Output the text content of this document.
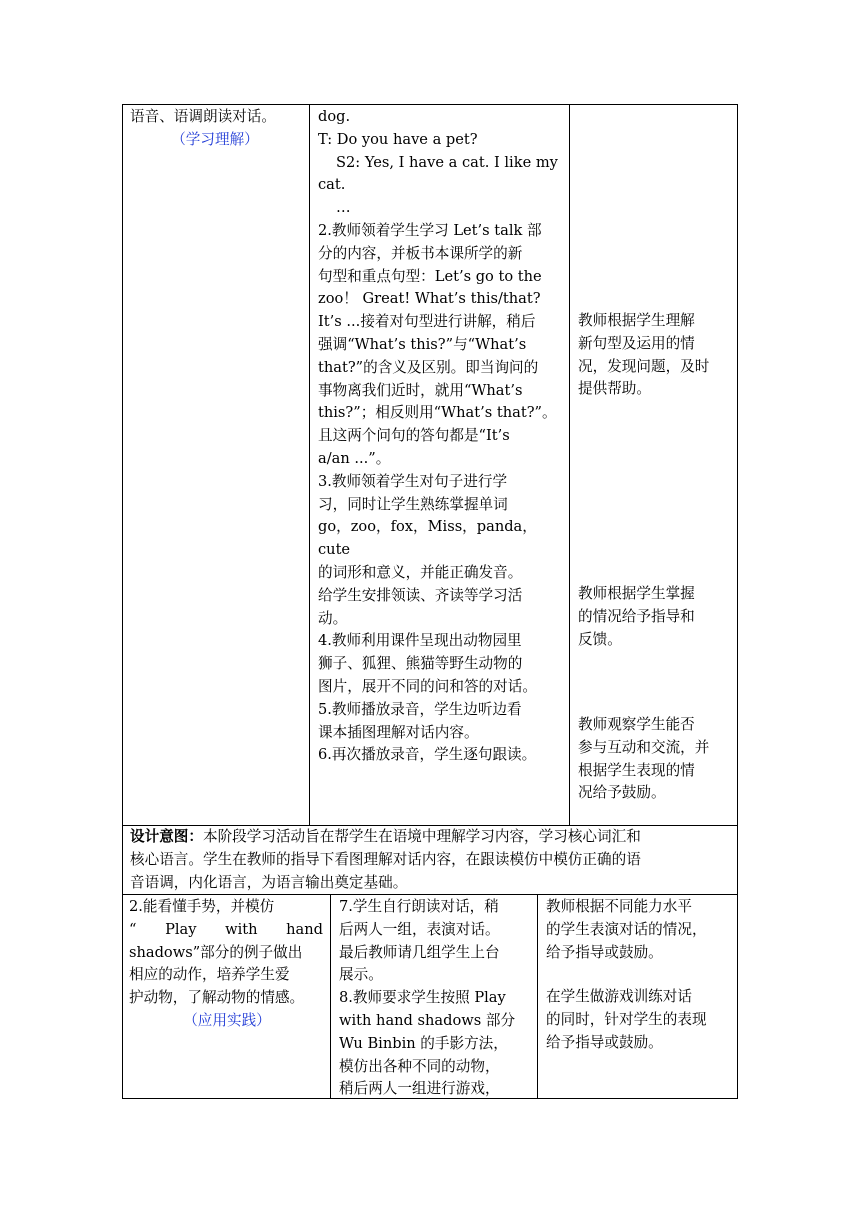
语音、语调朗读对话。

（学习理解）

dog.

T: Do you have a pet?

S2: Yes, I have a cat. I like my

cat.

…

2.教师领着学生学习 Let’s talk 部

分的内容，并板书本课所学的新

句型和重点句型：Let’s go to the

zoo！ Great! What’s this/that?

It’s ...接着对句型进行讲解，稍后

强调“What’s this?”与“What’s

that?”的含义及区别。即当询问的

事物离我们近时，就用“What’s

this?”；相反则用“What’s that?”。

且这两个问句的答句都是“It’s

a/an ...”。

3.教师领着学生对句子进行学

习，同时让学生熟练掌握单词

go，zoo，fox，Miss，panda，cute

的词形和意义，并能正确发音。

给学生安排领读、齐读等学习活

动。

4.教师利用课件呈现出动物园里

狮子、狐狸、熊猫等野生动物的

图片，展开不同的问和答的对话。

5.教师播放录音，学生边听边看

课本插图理解对话内容。

6.再次播放录音，学生逐句跟读。

教师根据学生理解

新句型及运用的情

况，发现问题，及时

提供帮助。

教师根据学生掌握

的情况给予指导和

反馈。

教师观察学生能否

参与互动和交流，并

根据学生表现的情

况给予鼓励。

设计意图：本阶段学习活动旨在帮学生在语境中理解学习内容，学习核心词汇和

核心语言。学生在教师的指导下看图理解对话内容，在跟读模仿中模仿正确的语

音语调，内化语言，为语言输出奠定基础。

2.能看懂手势，并模仿

“ Play with hand

shadows”部分的例子做出

相应的动作，培养学生爱

护动物，了解动物的情感。

（应用实践）

7.学生自行朗读对话，稍

后两人一组，表演对话。

最后教师请几组学生上台

展示。

8.教师要求学生按照 Play

with hand shadows 部分

Wu Binbin 的手影方法，

模仿出各种不同的动物，

稍后两人一组进行游戏，

教师根据不同能力水平

的学生表演对话的情况，

给予指导或鼓励。

在学生做游戏训练对话

的同时，针对学生的表现

给予指导或鼓励。
